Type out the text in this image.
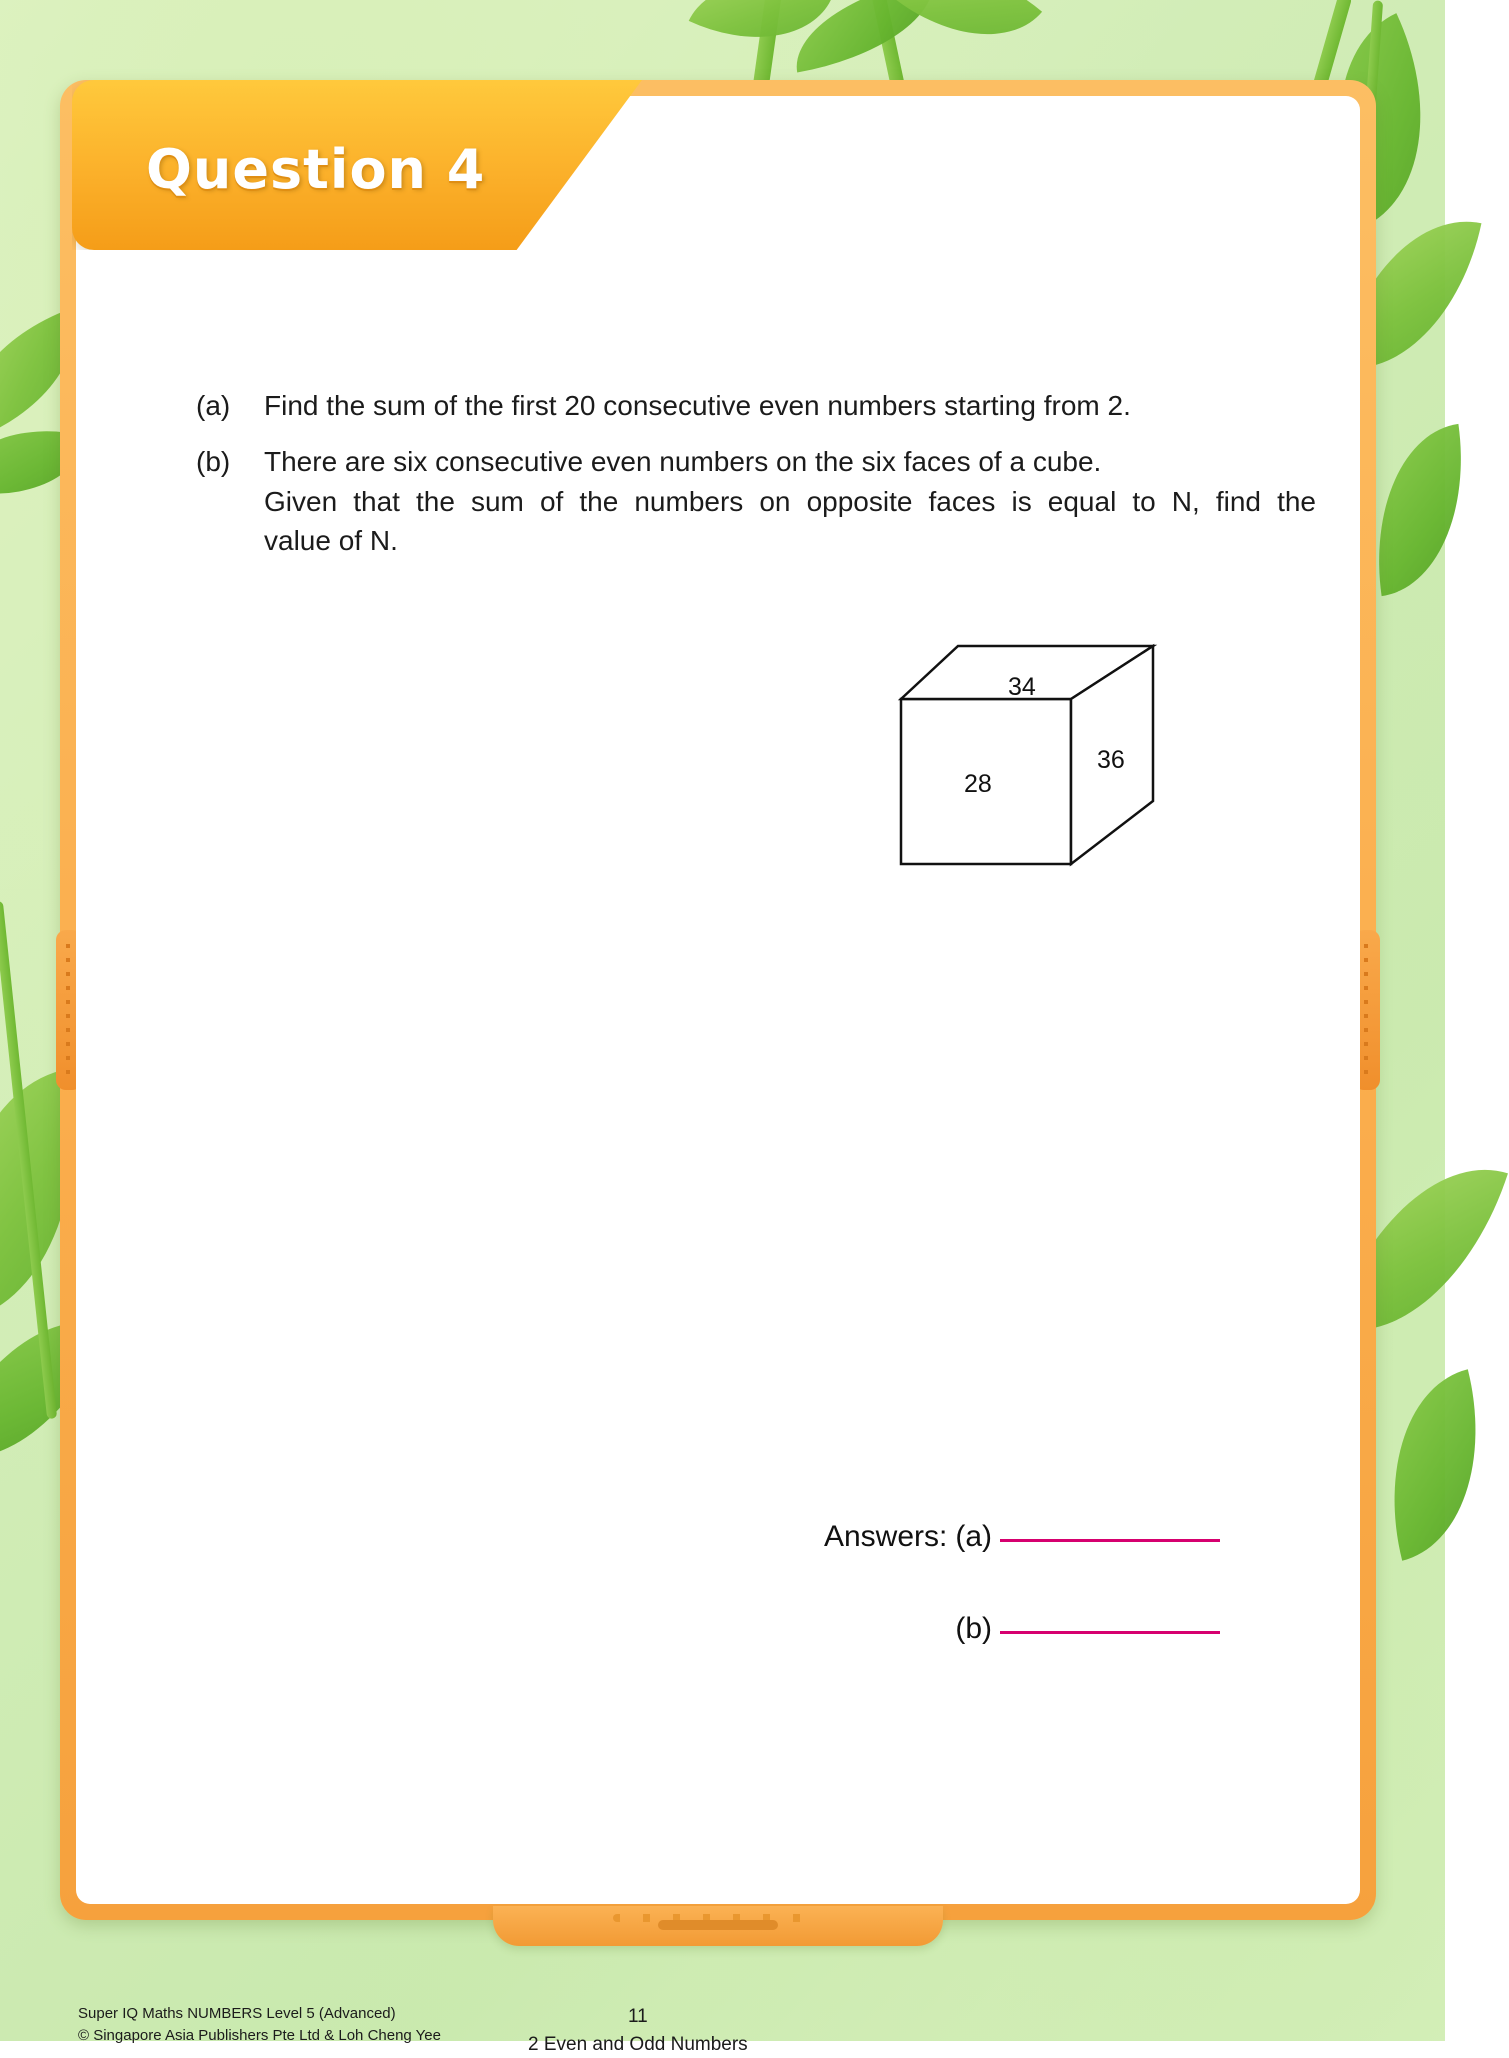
Question 4
(a)	Find the sum of the first 20 consecutive even numbers starting from 2.
(b)	There are six consecutive even numbers on the six faces of a cube.
Given that the sum of the numbers on opposite faces is equal to N, find the
value of N.
34
28
36
Answers: (a)
(b)
Super IQ Maths NUMBERS Level 5 (Advanced)
© Singapore Asia Publishers Pte Ltd & Loh Cheng Yee
11
2 Even and Odd Numbers
